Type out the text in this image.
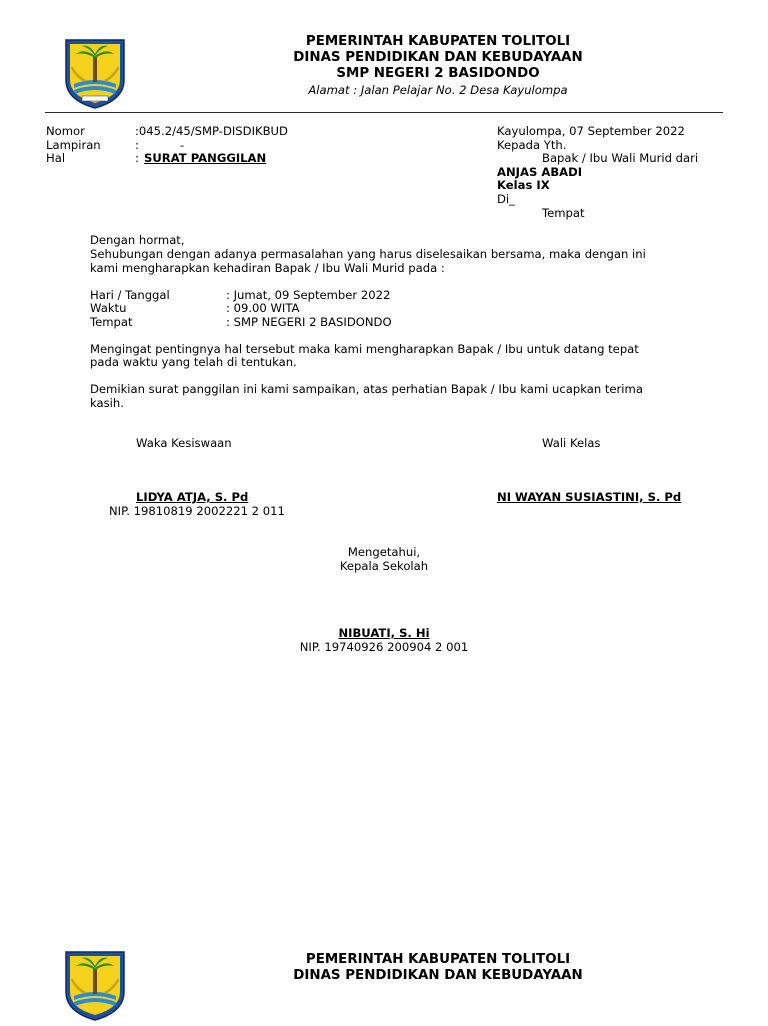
PEMERINTAH KABUPATEN TOLITOLI
DINAS PENDIDIKAN DAN KEBUDAYAAN
SMP NEGERI 2 BASIDONDO
Alamat : Jalan Pelajar No. 2 Desa Kayulompa
Nomor	:045.2/45/SMP-DISDIKBUD
Lampiran	:	-
Hal	: SURAT PANGGILAN
Kayulompa, 07 September 2022
Kepada Yth.
Bapak / Ibu Wali Murid dari
ANJAS ABADI
Kelas IX
Di_
Tempat
Dengan hormat,
Sehubungan dengan adanya permasalahan yang harus diselesaikan bersama, maka dengan ini
kami mengharapkan kehadiran Bapak / Ibu Wali Murid pada :
Hari / Tanggal	: Jumat, 09 September 2022
Waktu	: 09.00 WITA
Tempat	: SMP NEGERI 2 BASIDONDO
Mengingat pentingnya hal tersebut maka kami mengharapkan Bapak / Ibu untuk datang tepat
pada waktu yang telah di tentukan.
Demikian surat panggilan ini kami sampaikan, atas perhatian Bapak / Ibu kami ucapkan terima
kasih.
Waka Kesiswaan	Wali Kelas
LIDYA ATJA, S. Pd	NI WAYAN SUSIASTINI, S. Pd
NIP. 19810819 2002221 2 011
Mengetahui,
Kepala Sekolah
NIBUATI, S. Hi
NIP. 19740926 200904 2 001
PEMERINTAH KABUPATEN TOLITOLI
DINAS PENDIDIKAN DAN KEBUDAYAAN
